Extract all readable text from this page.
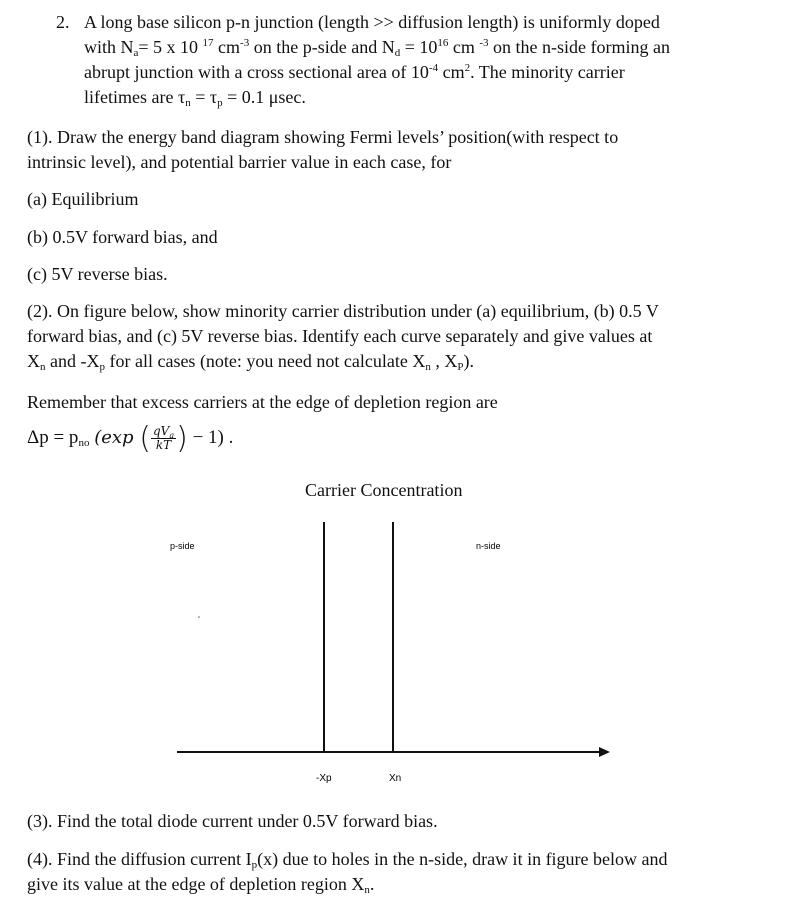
2. A long base silicon p-n junction (length >> diffusion length) is uniformly doped
with $N_a= 5$ x 10 $^{17}$ $cm^{-3}$ on the p-side and $N_d = 10^{16}$ cm $^{-3}$ on the n-side forming an
abrupt junction with a cross sectional area of $10^{-4}$ $cm^2$. The minority carrier
lifetimes are $\tau_n = \tau_p = 0.1$ μsec.
(1). Draw the energy band diagram showing Fermi levels’ position(with respect to
intrinsic level), and potential barrier value in each case, for
(a) Equilibrium
(b) 0.5V forward bias, and
(c) 5V reverse bias.
(2). On figure below, show minority carrier distribution under (a) equilibrium, (b) 0.5 V
forward bias, and (c) 5V reverse bias. Identify each curve separately and give values at
$X_n$ and $-X_p$ for all cases (note: you need not calculate $X_n$ , $X_P$).
Remember that excess carriers at the edge of depletion region are
$\Delta p = p_{no}$ (exp ( $\frac{qV_a}{kT}$ ) − 1) .
Carrier Concentration
p-side	n-side
-Xp	Xn
(3). Find the total diode current under 0.5V forward bias.
(4). Find the diffusion current $I_p(x)$ due to holes in the n-side, draw it in figure below and
give its value at the edge of depletion region $X_n$.
